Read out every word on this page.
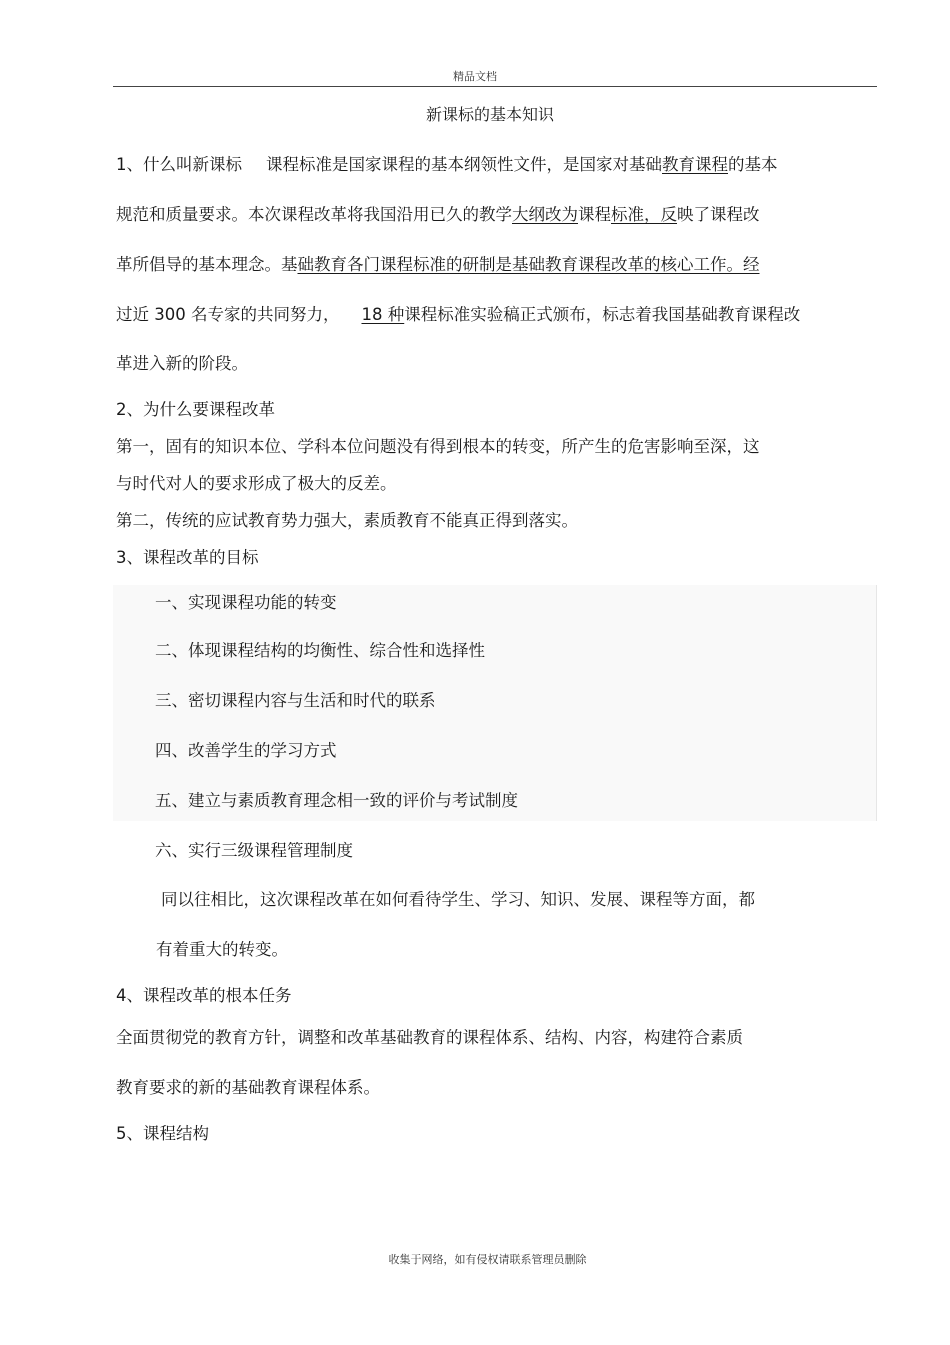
精品文档
新课标的基本知识
1、什么叫新课标 课程标准是国家课程的基本纲领性文件，是国家对基础教育课程的基本
规范和质量要求。本次课程改革将我国沿用已久的教学大纲改为课程标准，反映了课程改
革所倡导的基本理念。基础教育各门课程标准的研制是基础教育课程改革的核心工作。经
过近 300 名专家的共同努力， 18 种课程标准实验稿正式颁布，标志着我国基础教育课程改
革进入新的阶段。
2、为什么要课程改革
第一，固有的知识本位、学科本位问题没有得到根本的转变，所产生的危害影响至深，这
与时代对人的要求形成了极大的反差。
第二，传统的应试教育势力强大，素质教育不能真正得到落实。
3、课程改革的目标
一、实现课程功能的转变
二、体现课程结构的均衡性、综合性和选择性
三、密切课程内容与生活和时代的联系
四、改善学生的学习方式
五、建立与素质教育理念相一致的评价与考试制度
六、实行三级课程管理制度
同以往相比，这次课程改革在如何看待学生、学习、知识、发展、课程等方面，都
有着重大的转变。
4、课程改革的根本任务
全面贯彻党的教育方针，调整和改革基础教育的课程体系、结构、内容，构建符合素质
教育要求的新的基础教育课程体系。
5、课程结构
收集于网络，如有侵权请联系管理员删除
